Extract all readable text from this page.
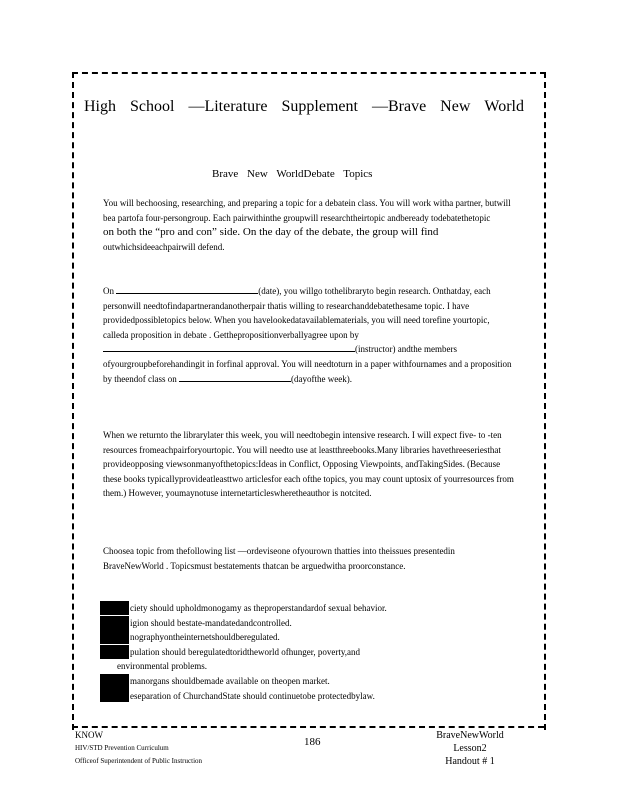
High School —Literature Supplement —Brave New World
Brave New WorldDebate Topics

You will bechoosing, researching, and preparing a topic for a debatein class. You will work witha partner, butwill bea partofa four-persongroup. Each pairwithinthe groupwill researchtheirtopic andbeready todebatethetopic

on both the “pro and con” side. On the day of the debate, the group will find

outwhichsideeachpairwill defend.

On	(date), you willgo tothelibraryto begin research. Onthatday, each personwill needtofindapartnerandanotherpair thatis willing to researchanddebatethesame topic. I have providedpossibletopics below. When you havelookedatavailablematerials, you will need torefine yourtopic, calleda proposition in debate . Getthepropositionverballyagree upon by (instructor) andthe members ofyourgroupbeforehandingit in forfinal approval. You will needtoturn in a paper withfournames and a proposition by theendof class on	(dayofthe week).

When we returnto the librarylater this week, you will needtobegin intensive research. I will expect five- to -ten resources fromeachpairforyourtopic. You will needto use at leastthreebooks.Many libraries havethreeseriesthat provideopposing viewsonmanyofthetopics:Ideas in Conflict, Opposing Viewpoints, andTakingSides. (Because these books typicallyprovideatleasttwo articlesfor each ofthe topics, you may count uptosix of yourresources from them.) However, youmaynotuse internetarticleswheretheauthor is notcited.

Choosea topic from thefollowing list —ordeviseone ofyourown thatties into theissues presentedin BraveNewWorld . Topicsmust bestatements thatcan be arguedwitha proorconstance.

ciety should upholdmonogamy as theproperstandardof sexual behavior.
igion should bestate-mandatedandcontrolled.
nographyontheinternetshouldberegulated.
pulation should beregulatedtoridtheworld ofhunger, poverty,and
environmental problems.
manorgans shouldbemade available on theopen market.
eseparation of ChurchandState should continuetobe protectedbylaw.
KNOW
HIV/STD Prevention Curriculum
Officeof Superintendent of Public Instruction
186
BraveNewWorld
Lesson2
Handout # 1
